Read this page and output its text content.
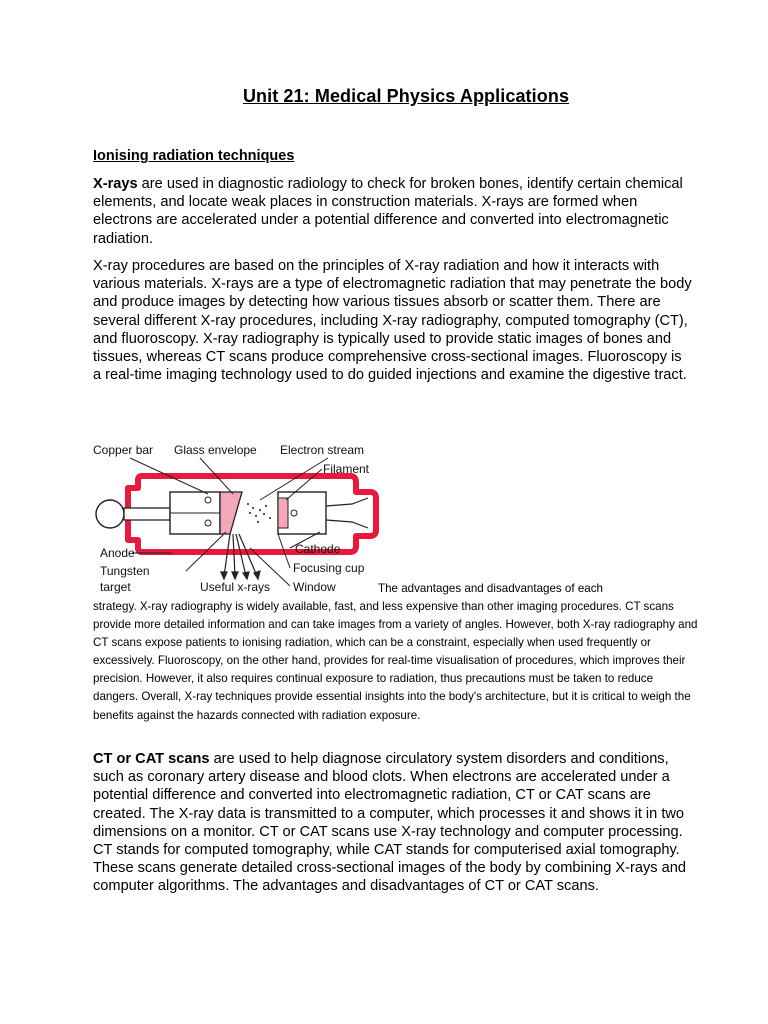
Unit 21: Medical Physics Applications
Ionising radiation techniques

X-rays are used in diagnostic radiology to check for broken bones, identify certain chemical elements, and locate weak places in construction materials. X-rays are formed when electrons are accelerated under a potential difference and converted into electromagnetic radiation.

X-ray procedures are based on the principles of X-ray radiation and how it interacts with various materials. X-rays are a type of electromagnetic radiation that may penetrate the body and produce images by detecting how various tissues absorb or scatter them. There are several different X-ray procedures, including X-ray radiography, computed tomography (CT), and fluoroscopy. X-ray radiography is typically used to provide static images of bones and tissues, whereas CT scans produce comprehensive cross-sectional images. Fluoroscopy is a real-time imaging technology used to do guided injections and examine the digestive tract.

Copper bar Glass envelope Electron stream
Filament
Anode	Cathode
Tungsten
target
Focusing cup
Useful x-rays Window	The advantages and disadvantages of each

strategy. X-ray radiography is widely available, fast, and less expensive than other imaging procedures. CT scans provide more detailed information and can take images from a variety of angles. However, both X-ray radiography and CT scans expose patients to ionising radiation, which can be a constraint, especially when used frequently or excessively. Fluoroscopy, on the other hand, provides for real-time visualisation of procedures, which improves their precision. However, it also requires continual exposure to radiation, thus precautions must be taken to reduce dangers. Overall, X-ray techniques provide essential insights into the body's architecture, but it is critical to weigh the benefits against the hazards connected with radiation exposure.

CT or CAT scans are used to help diagnose circulatory system disorders and conditions, such as coronary artery disease and blood clots. When electrons are accelerated under a potential difference and converted into electromagnetic radiation, CT or CAT scans are created. The X-ray data is transmitted to a computer, which processes it and shows it in two dimensions on a monitor. CT or CAT scans use X-ray technology and computer processing. CT stands for computed tomography, while CAT stands for computerised axial tomography. These scans generate detailed cross-sectional images of the body by combining X-rays and computer algorithms. The advantages and disadvantages of CT or CAT scans.
